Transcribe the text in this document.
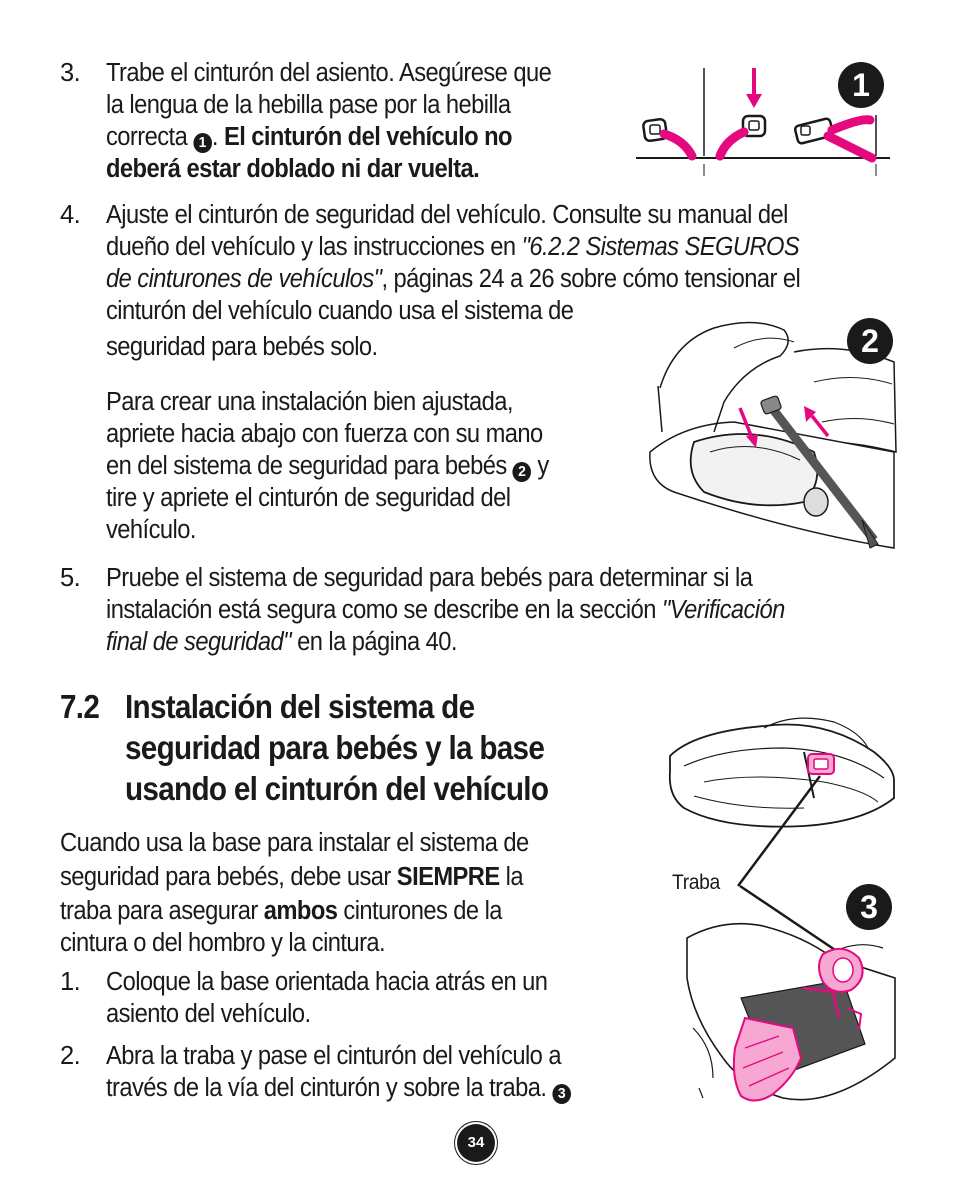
3. Trabe el cinturón del asiento. Asegúrese que
la lengua de la hebilla pase por la hebilla
correcta 1 . El cinturón del vehículo no
deberá estar doblado ni dar vuelta.
1
4. Ajuste el cinturón de seguridad del vehículo. Consulte su manual del
dueño del vehículo y las instrucciones en "6.2.2 Sistemas SEGUROS
de cinturones de vehículos", páginas 24 a 26 sobre cómo tensionar el
cinturón del vehículo cuando usa el sistema de
seguridad para bebés solo.
Para crear una instalación bien ajustada,
apriete hacia abajo con fuerza con su mano
en del sistema de seguridad para bebés 2 y
tire y apriete el cinturón de seguridad del
vehículo.
2
5. Pruebe el sistema de seguridad para bebés para determinar si la
instalación está segura como se describe en la sección "Verificación
final de seguridad" en la página 40.
7.2 Instalación del sistema de
seguridad para bebés y la base
usando el cinturón del vehículo
Cuando usa la base para instalar el sistema de
seguridad para bebés, debe usar SIEMPRE la
traba para asegurar ambos cinturones de la
cintura o del hombro y la cintura.
1. Coloque la base orientada hacia atrás en un
asiento del vehículo.
2. Abra la traba y pase el cinturón del vehículo a
través de la vía del cinturón y sobre la traba. 3
Traba
3
34
